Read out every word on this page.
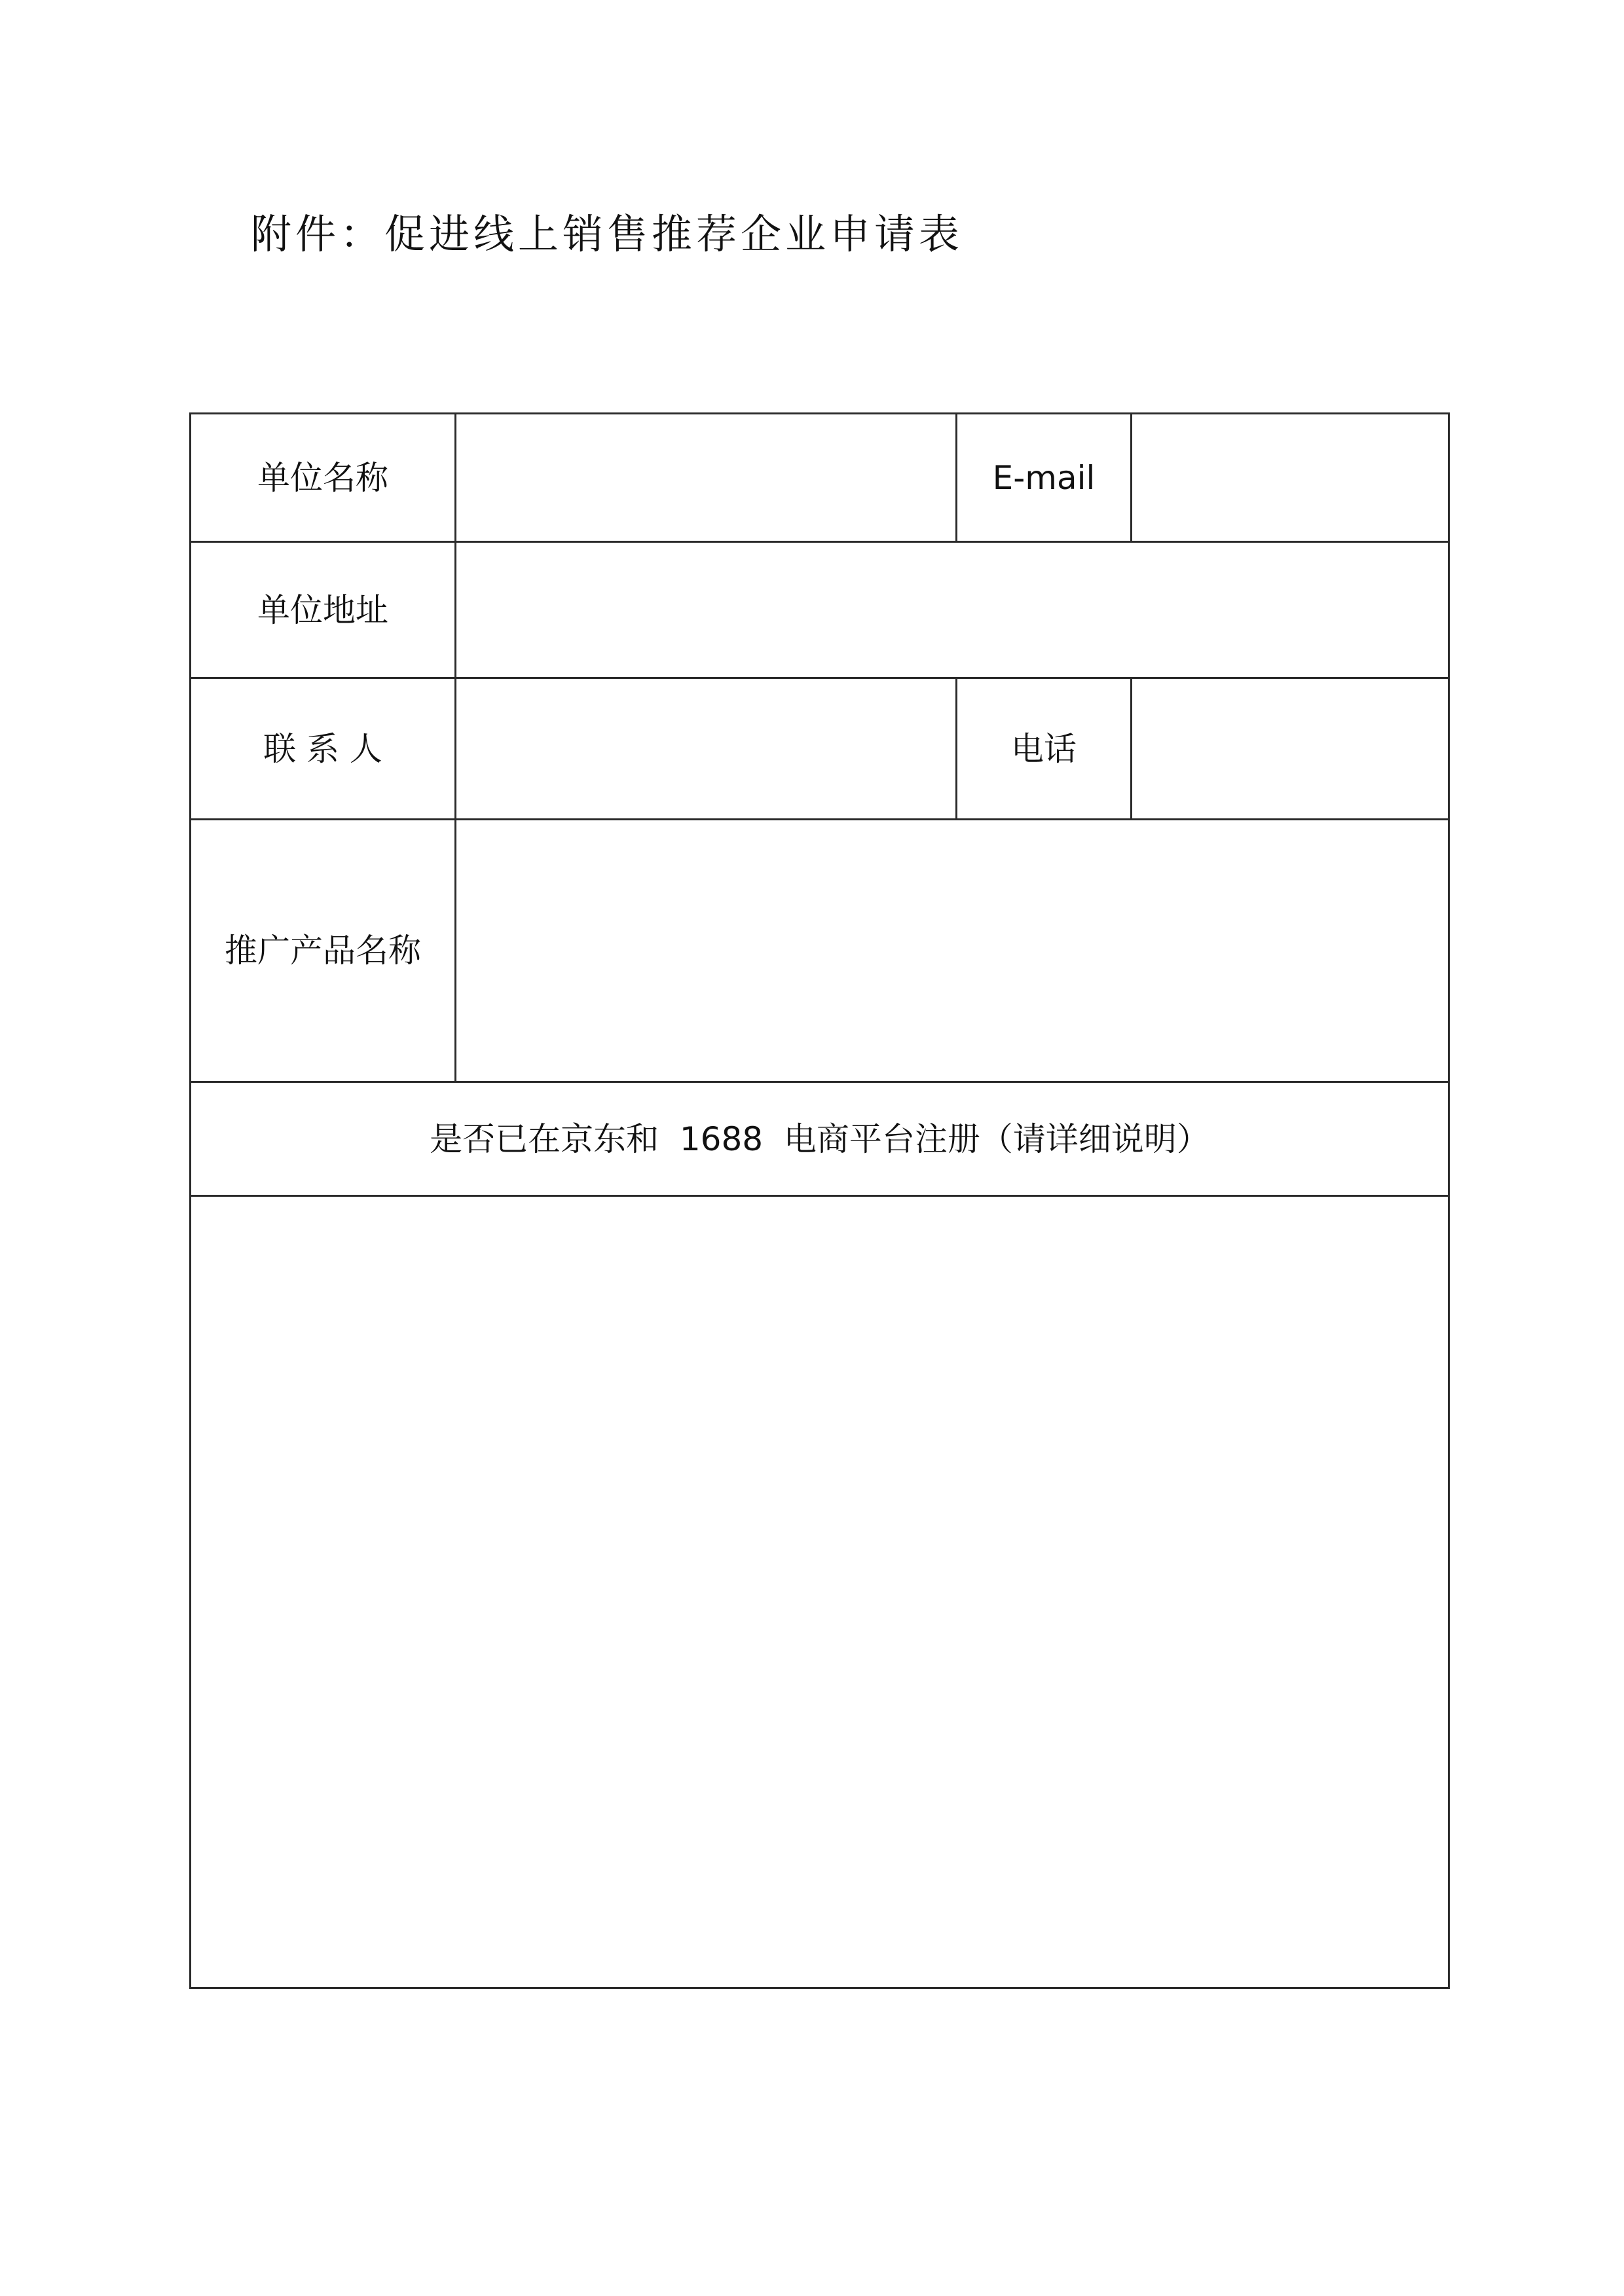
附件：促进线上销售推荐企业申请表
单位名称		E-mail	
单位地址			
联 系 人		电话	
推广产品名称			
是否已在京东和  1688  电商平台注册（请详细说明）			
